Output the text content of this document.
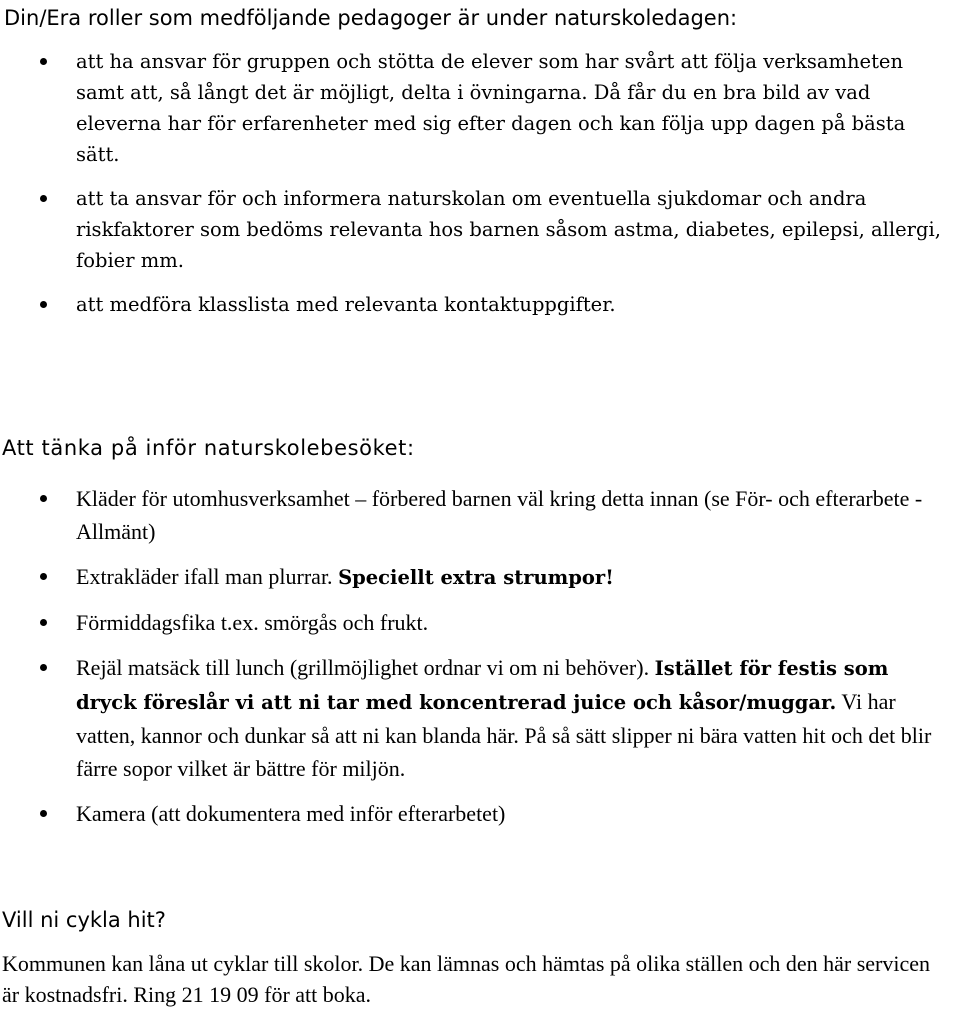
Din/Era roller som medföljande pedagoger är under naturskoledagen:
att ha ansvar för gruppen och stötta de elever som har svårt att följa verksamheten samt att, så långt det är möjligt, delta i övningarna. Då får du en bra bild av vad eleverna har för erfarenheter med sig efter dagen och kan följa upp dagen på bästa sätt.
att ta ansvar för och informera naturskolan om eventuella sjukdomar och andra riskfaktorer som bedöms relevanta hos barnen såsom astma, diabetes, epilepsi, allergi, fobier mm.
att medföra klasslista med relevanta kontaktuppgifter.
Att tänka på inför naturskolebesöket:
Kläder för utomhusverksamhet – förbered barnen väl kring detta innan (se För- och efterarbete - Allmänt)
Extrakläder ifall man plurrar. Speciellt extra strumpor!
Förmiddagsfika t.ex. smörgås och frukt.
Rejäl matsäck till lunch (grillmöjlighet ordnar vi om ni behöver). Istället för festis som dryck föreslår vi att ni tar med koncentrerad juice och kåsor/muggar. Vi har vatten, kannor och dunkar så att ni kan blanda här. På så sätt slipper ni bära vatten hit och det blir färre sopor vilket är bättre för miljön.
Kamera (att dokumentera med inför efterarbetet)
Vill ni cykla hit?
Kommunen kan låna ut cyklar till skolor. De kan lämnas och hämtas på olika ställen och den här servicen är kostnadsfri. Ring 21 19 09 för att boka.
